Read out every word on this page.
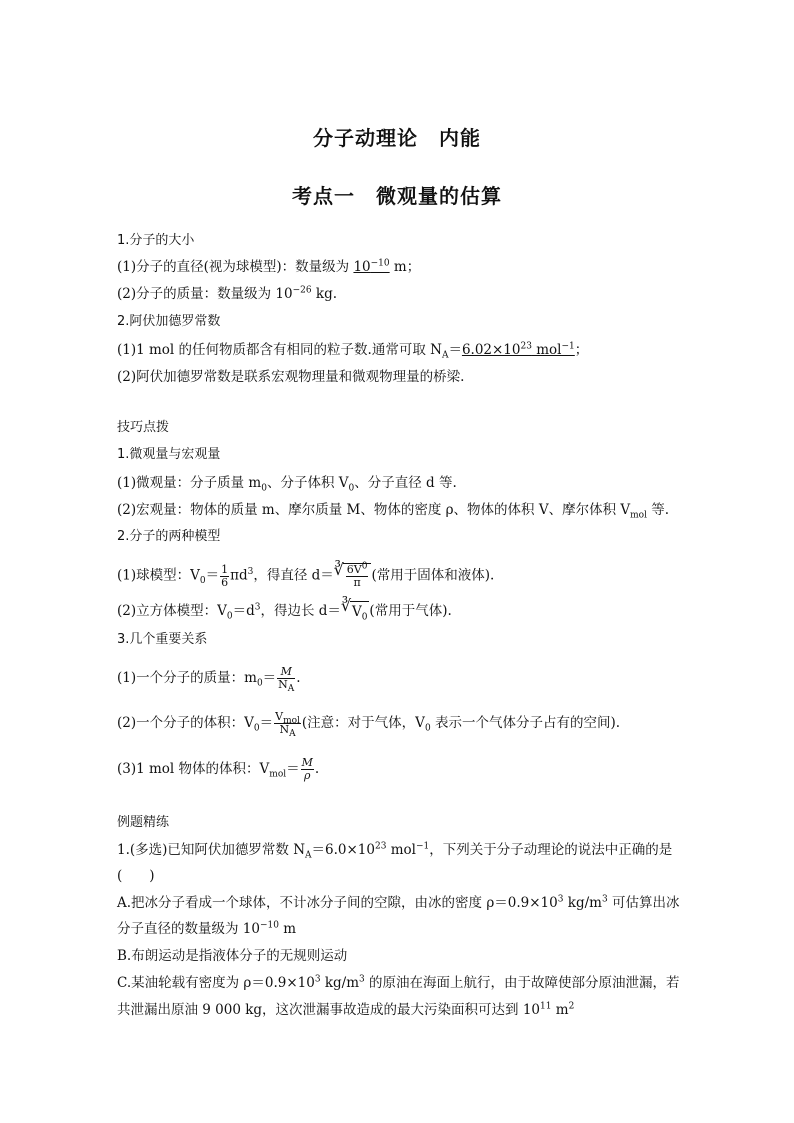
分子动理论　内能
考点一　微观量的估算
1.分子的大小
(1)分子的直径(视为球模型)：数量级为 $10^{-10}$ m；
(2)分子的质量：数量级为 $10^{-26}$ kg.
2.阿伏加德罗常数
(1)1 mol 的任何物质都含有相同的粒子数.通常可取 $N_A=6.02\times 10^{23}$ mol$^{-1}$；
(2)阿伏加德罗常数是联系宏观物理量和微观物理量的桥梁.
技巧点拨
1.微观量与宏观量
(1)微观量：分子质量 $m_0$、分子体积 $V_0$、分子直径 d 等.
(2)宏观量：物体的质量 m、摩尔质量 M、物体的密度 ρ、物体的体积 V、摩尔体积 $V_{mol}$ 等.
2.分子的两种模型
(1)球模型：$V_0= \frac{1}{6} \pi d^3$，得直径 d＝ ∛ $\frac{6V^0}{\pi}$ (常用于固体和液体).
(2)立方体模型：$V_0=d^3$，得边长 d＝ ∛ $V_0$ (常用于气体).
3.几个重要关系
(1)一个分子的质量：$m_0= \frac{M}{N_A}$ .
(2)一个分子的体积：$V_0= \frac{V_{mol}}{N_A}$ (注意：对于气体，$V_0$ 表示一个气体分子占有的空间).
(3)1 mol 物体的体积：$V_{mol}= \frac{M}{\rho}$ .
例题精练
1.(多选)已知阿伏加德罗常数 $N_A=6.0\times 10^{23}$ mol$^{-1}$，下列关于分子动理论的说法中正确的是
(　　)
A.把冰分子看成一个球体，不计冰分子间的空隙，由冰的密度 $\rho=0.9\times 10^3$ $kg/m^3$ 可估算出冰
分子直径的数量级为 $10^{-10}$ m
B.布朗运动是指液体分子的无规则运动
C.某油轮载有密度为 $\rho=0.9\times 10^3$ $kg/m^3$ 的原油在海面上航行，由于故障使部分原油泄漏，若
共泄漏出原油 9 000 kg，这次泄漏事故造成的最大污染面积可达到 $10^{11}$ $m^2$
